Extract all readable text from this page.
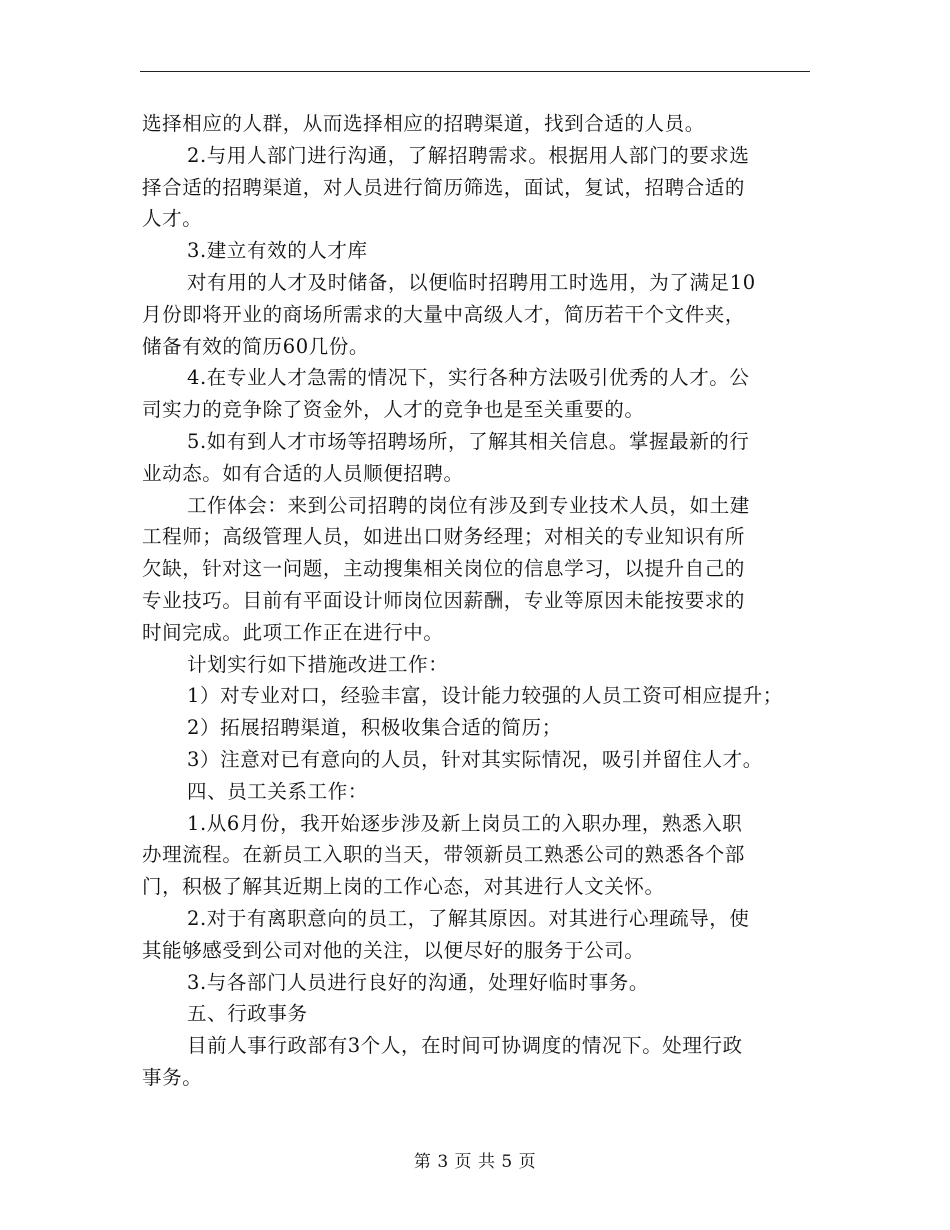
选择相应的人群，从而选择相应的招聘渠道，找到合适的人员。

2.与用人部门进行沟通，了解招聘需求。根据用人部门的要求选

择合适的招聘渠道，对人员进行简历筛选，面试，复试，招聘合适的

人才。

3.建立有效的人才库

对有用的人才及时储备，以便临时招聘用工时选用，为了满足10

月份即将开业的商场所需求的大量中高级人才，简历若干个文件夹，

储备有效的简历60几份。

4.在专业人才急需的情况下，实行各种方法吸引优秀的人才。公

司实力的竞争除了资金外，人才的竞争也是至关重要的。

5.如有到人才市场等招聘场所，了解其相关信息。掌握最新的行

业动态。如有合适的人员顺便招聘。

工作体会：来到公司招聘的岗位有涉及到专业技术人员，如土建

工程师；高级管理人员，如进出口财务经理；对相关的专业知识有所

欠缺，针对这一问题，主动搜集相关岗位的信息学习，以提升自己的

专业技巧。目前有平面设计师岗位因薪酬，专业等原因未能按要求的

时间完成。此项工作正在进行中。

计划实行如下措施改进工作：

1）对专业对口，经验丰富，设计能力较强的人员工资可相应提升；

2）拓展招聘渠道，积极收集合适的简历；

3）注意对已有意向的人员，针对其实际情况，吸引并留住人才。

四、员工关系工作：

1.从6月份，我开始逐步涉及新上岗员工的入职办理，熟悉入职

办理流程。在新员工入职的当天，带领新员工熟悉公司的熟悉各个部

门，积极了解其近期上岗的工作心态，对其进行人文关怀。

2.对于有离职意向的员工，了解其原因。对其进行心理疏导，使

其能够感受到公司对他的关注，以便尽好的服务于公司。

3.与各部门人员进行良好的沟通，处理好临时事务。

五、行政事务

目前人事行政部有3个人，在时间可协调度的情况下。处理行政

事务。

第 3 页 共 5 页
